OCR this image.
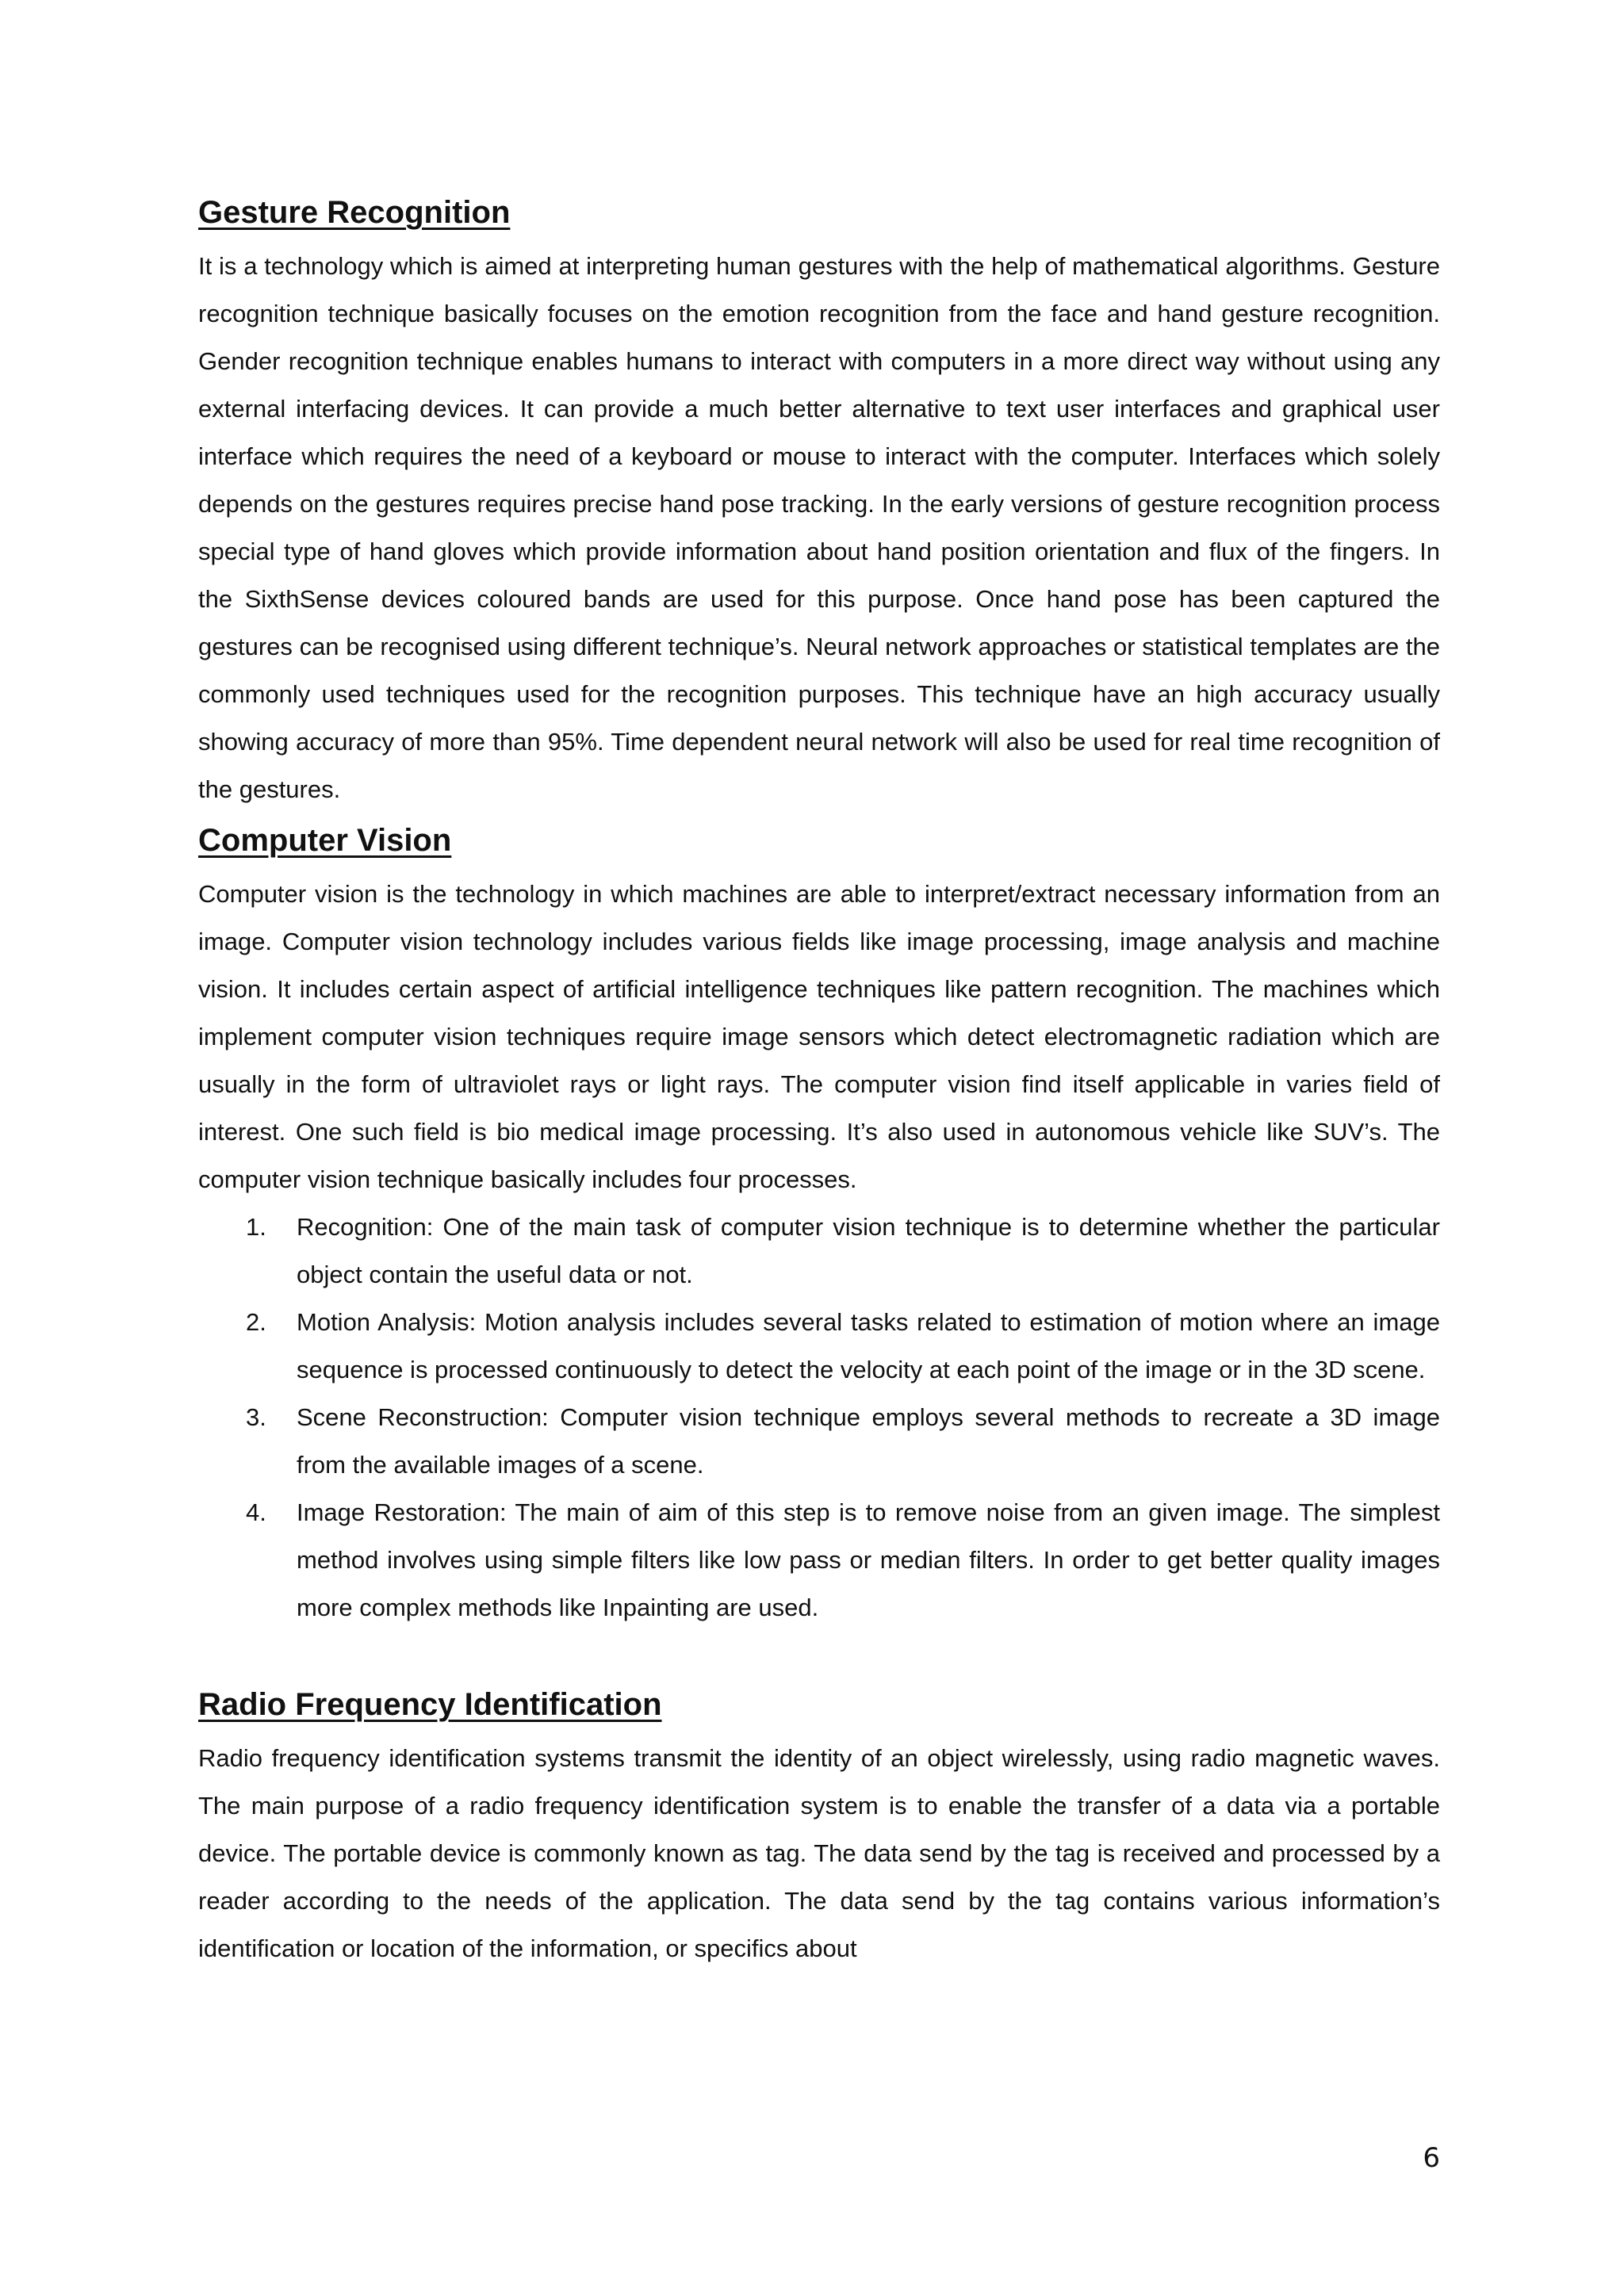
Gesture Recognition

It is a technology which is aimed at interpreting human gestures with the help of mathematical algorithms. Gesture recognition technique basically focuses on the emotion recognition from the face and hand gesture recognition. Gender recognition technique enables humans to interact with computers in a more direct way without using any external interfacing devices. It can provide a much better alternative to text user interfaces and graphical user interface which requires the need of a keyboard or mouse to interact with the computer. Interfaces which solely depends on the gestures requires precise hand pose tracking. In the early versions of gesture recognition process special type of hand gloves which provide information about hand position orientation and flux of the fingers. In the SixthSense devices coloured bands are used for this purpose. Once hand pose has been captured the gestures can be recognised using different technique’s. Neural network approaches or statistical templates are the commonly used techniques used for the recognition purposes. This technique have an high accuracy usually showing accuracy of more than 95%. Time dependent neural network will also be used for real time recognition of the gestures.

Computer Vision

Computer vision is the technology in which machines are able to interpret/extract necessary information from an image. Computer vision technology includes various fields like image processing, image analysis and machine vision. It includes certain aspect of artificial intelligence techniques like pattern recognition. The machines which implement computer vision techniques require image sensors which detect electromagnetic radiation which are usually in the form of ultraviolet rays or light rays. The computer vision find itself applicable in varies field of interest. One such field is bio medical image processing. It’s also used in autonomous vehicle like SUV’s. The computer vision technique basically includes four processes.

1. Recognition: One of the main task of computer vision technique is to determine whether the particular object contain the useful data or not.
2. Motion Analysis: Motion analysis includes several tasks related to estimation of motion where an image sequence is processed continuously to detect the velocity at each point of the image or in the 3D scene.
3. Scene Reconstruction: Computer vision technique employs several methods to recreate a 3D image from the available images of a scene.
4. Image Restoration: The main of aim of this step is to remove noise from an given image. The simplest method involves using simple filters like low pass or median filters. In order to get better quality images more complex methods like Inpainting are used.
Radio Frequency Identification

Radio frequency identification systems transmit the identity of an object wirelessly, using radio magnetic waves. The main purpose of a radio frequency identification system is to enable the transfer of a data via a portable device. The portable device is commonly known as tag. The data send by the tag is received and processed by a reader according to the needs of the application. The data send by the tag contains various information’s identification or location of the information, or specifics about

6
